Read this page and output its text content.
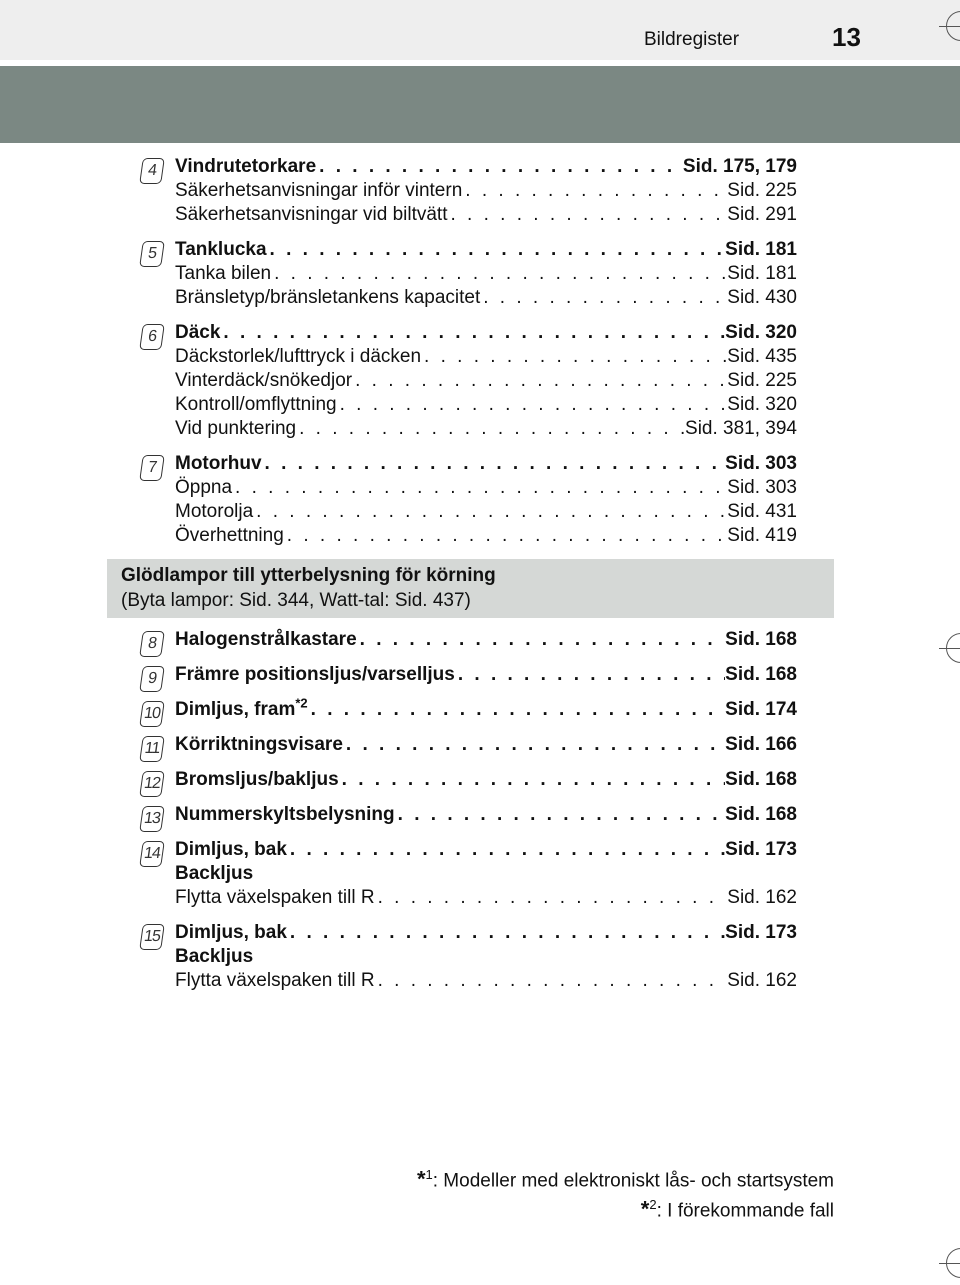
Bildregister	13
4 Vindrutetorkare . . .	Sid. 175, 179
Säkerhetsanvisningar inför vintern . . .	Sid. 225
Säkerhetsanvisningar vid biltvätt . . .	Sid. 291
5 Tanklucka . . .	Sid. 181
Tanka bilen . . .	Sid. 181
Bränsletyp/bränsletankens kapacitet . . .	Sid. 430
6 Däck . . .	Sid. 320
Däckstorlek/lufttryck i däcken . . .	Sid. 435
Vinterdäck/snökedjor . . .	Sid. 225
Kontroll/omflyttning . . .	Sid. 320
Vid punktering . . .	Sid. 381, 394
7 Motorhuv . . .	Sid. 303
Öppna . . .	Sid. 303
Motorolja . . .	Sid. 431
Överhettning . . .	Sid. 419
Glödlampor till ytterbelysning för körning
(Byta lampor: Sid. 344, Watt-tal: Sid. 437)
8 Halogenstrålkastare . . .	Sid. 168
9 Främre positionsljus/varselljus . . .	Sid. 168
10 Dimljus, fram$^{*2}$ . . .	Sid. 174
11 Körriktningsvisare . . .	Sid. 166
12 Bromsljus/bakljus . . .	Sid. 168
13 Nummerskyltsbelysning . . .	Sid. 168
14 Dimljus, bak . . .	Sid. 173
Backljus
Flytta växelspaken till R . . .	Sid. 162
15 Dimljus, bak . . .	Sid. 173
Backljus
Flytta växelspaken till R . . .	Sid. 162
*$^1$: Modeller med elektroniskt lås- och startsystem
*$^2$: I förekommande fall
